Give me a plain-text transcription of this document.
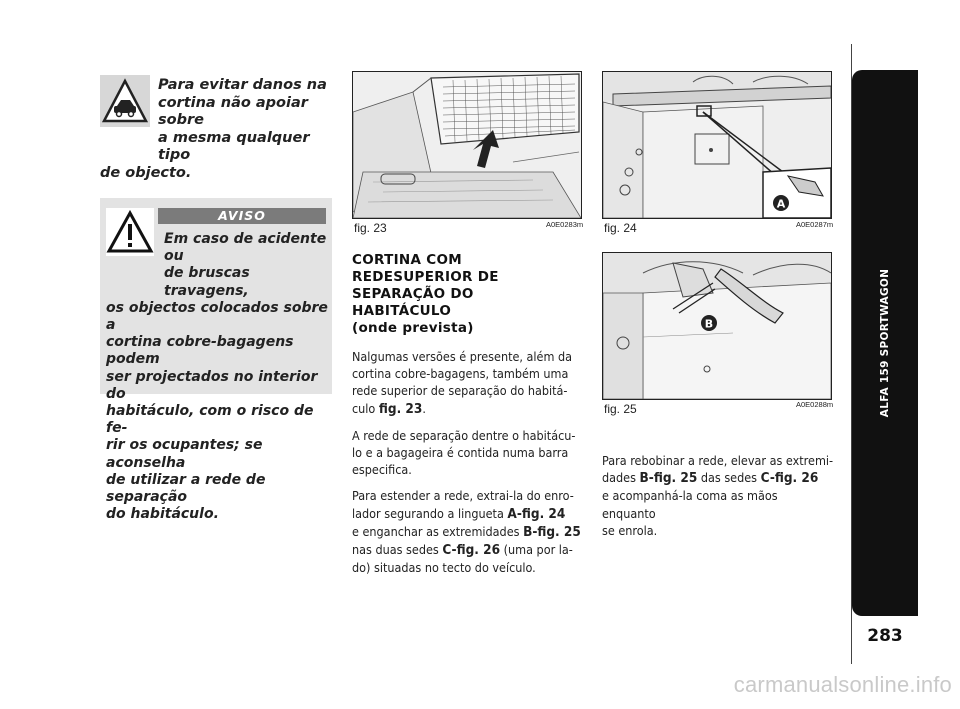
Para evitar danos na
cortina não apoiar sobre
a mesma qualquer tipo
de objecto.
AVISO
Em caso de acidente ou
de bruscas travagens,
os objectos colocados sobre a
cortina cobre-bagagens podem
ser projectados no interior do
habitáculo, com o risco de fe-
rir os ocupantes; se aconselha
de utilizar a rede de separação
do habitáculo.
fig. 23	A0E0283m
A
fig. 24	A0E0287m
B
fig. 25	A0E0288m
CORTINA COM
REDESUPERIOR DE
SEPARAÇÃO DO
HABITÁCULO
(onde prevista)

Nalgumas versões é presente, além da
cortina cobre-bagagens, também uma
rede superior de separação do habitá-
culo fig. 23.

A rede de separação dentre o habitácu-
lo e a bagageira é contida numa barra
especifica.

Para estender a rede, extrai-la do enro-
lador segurando a lingueta A-fig. 24
e enganchar as extremidades B-fig. 25
nas duas sedes C-fig. 26 (uma por la-
do) situadas no tecto do veículo.

Para rebobinar a rede, elevar as extremi-
dades B-fig. 25 das sedes C-fig. 26
e acompanhá-la coma as mãos enquanto
se enrola.

ALFA 159 SPORTWAGON
283
carmanualsonline.info
